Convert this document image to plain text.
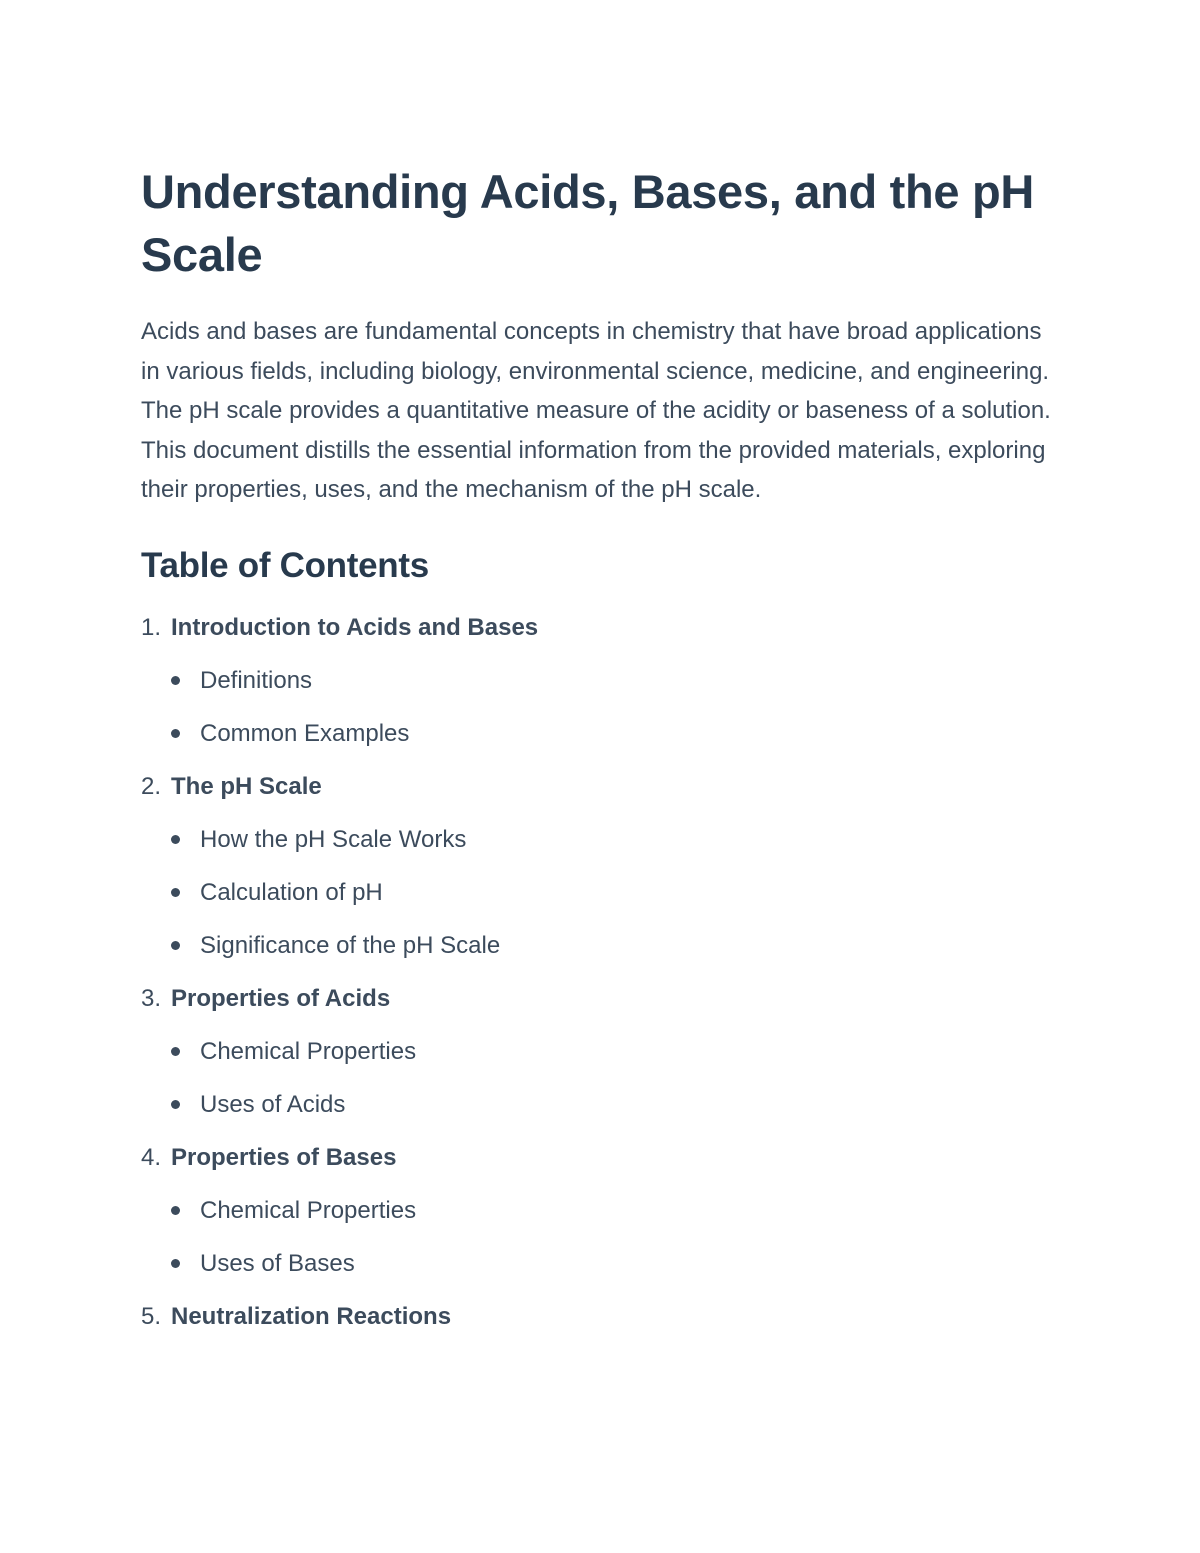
Understanding Acids, Bases, and the pH Scale

Acids and bases are fundamental concepts in chemistry that have broad applications in various fields, including biology, environmental science, medicine, and engineering. The pH scale provides a quantitative measure of the acidity or baseness of a solution. This document distills the essential information from the provided materials, exploring their properties, uses, and the mechanism of the pH scale.

Table of Contents
1. Introduction to Acids and Bases
Definitions
Common Examples
2. The pH Scale
How the pH Scale Works
Calculation of pH
Significance of the pH Scale
3. Properties of Acids
Chemical Properties
Uses of Acids
4. Properties of Bases
Chemical Properties
Uses of Bases
5. Neutralization Reactions
